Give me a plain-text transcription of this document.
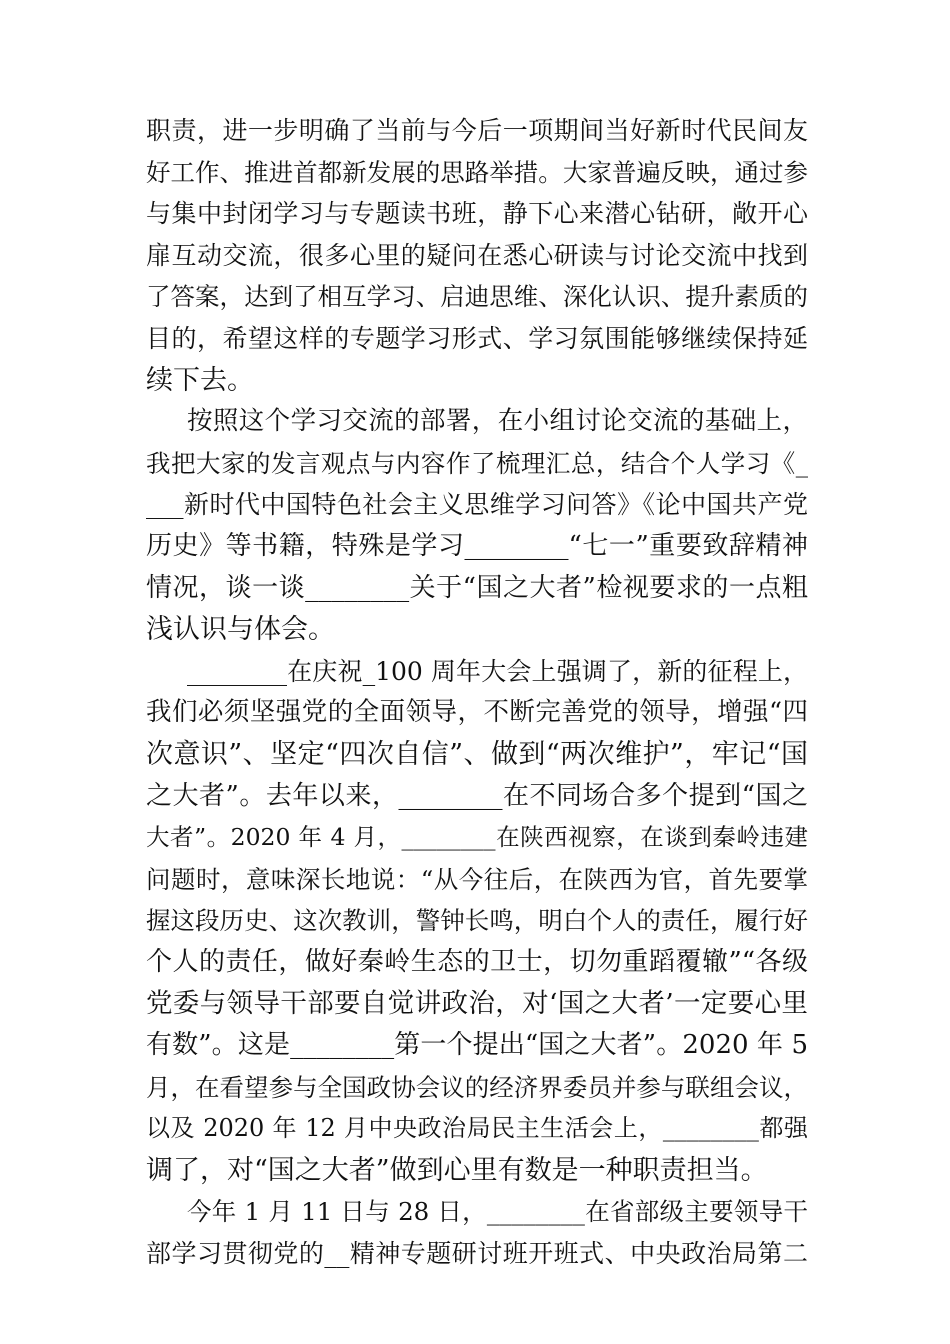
职责，进一步明确了当前与今后一项期间当好新时代民间友
好工作、推进首都新发展的思路举措。大家普遍反映，通过参
与集中封闭学习与专题读书班，静下心来潜心钻研，敞开心
扉互动交流，很多心里的疑问在悉心研读与讨论交流中找到
了答案，达到了相互学习、启迪思维、深化认识、提升素质的
目的，希望这样的专题学习形式、学习氛围能够继续保持延
续下去。
按照这个学习交流的部署，在小组讨论交流的基础上，
我把大家的发言观点与内容作了梳理汇总，结合个人学习《_
___新时代中国特色社会主义思维学习问答》《论中国共产党
历史》等书籍，特殊是学习________“七一”重要致辞精神
情况，谈一谈________关于“国之大者”检视要求的一点粗
浅认识与体会。
________在庆祝_100 周年大会上强调了，新的征程上，
我们必须坚强党的全面领导，不断完善党的领导，增强“四
次意识”、坚定“四次自信”、做到“两次维护”，牢记“国
之大者”。去年以来，________在不同场合多个提到“国之
大者”。2020 年 4 月，________在陕西视察，在谈到秦岭违建
问题时，意味深长地说：“从今往后，在陕西为官，首先要掌
握这段历史、这次教训，警钟长鸣，明白个人的责任，履行好
个人的责任，做好秦岭生态的卫士，切勿重蹈覆辙”“各级
党委与领导干部要自觉讲政治，对‘国之大者’一定要心里
有数”。这是________第一个提出“国之大者”。2020 年 5
月，在看望参与全国政协会议的经济界委员并参与联组会议，
以及 2020 年 12 月中央政治局民主生活会上，________都强
调了，对“国之大者”做到心里有数是一种职责担当。
今年 1 月 11 日与 28 日，________在省部级主要领导干
部学习贯彻党的__精神专题研讨班开班式、中央政治局第二
